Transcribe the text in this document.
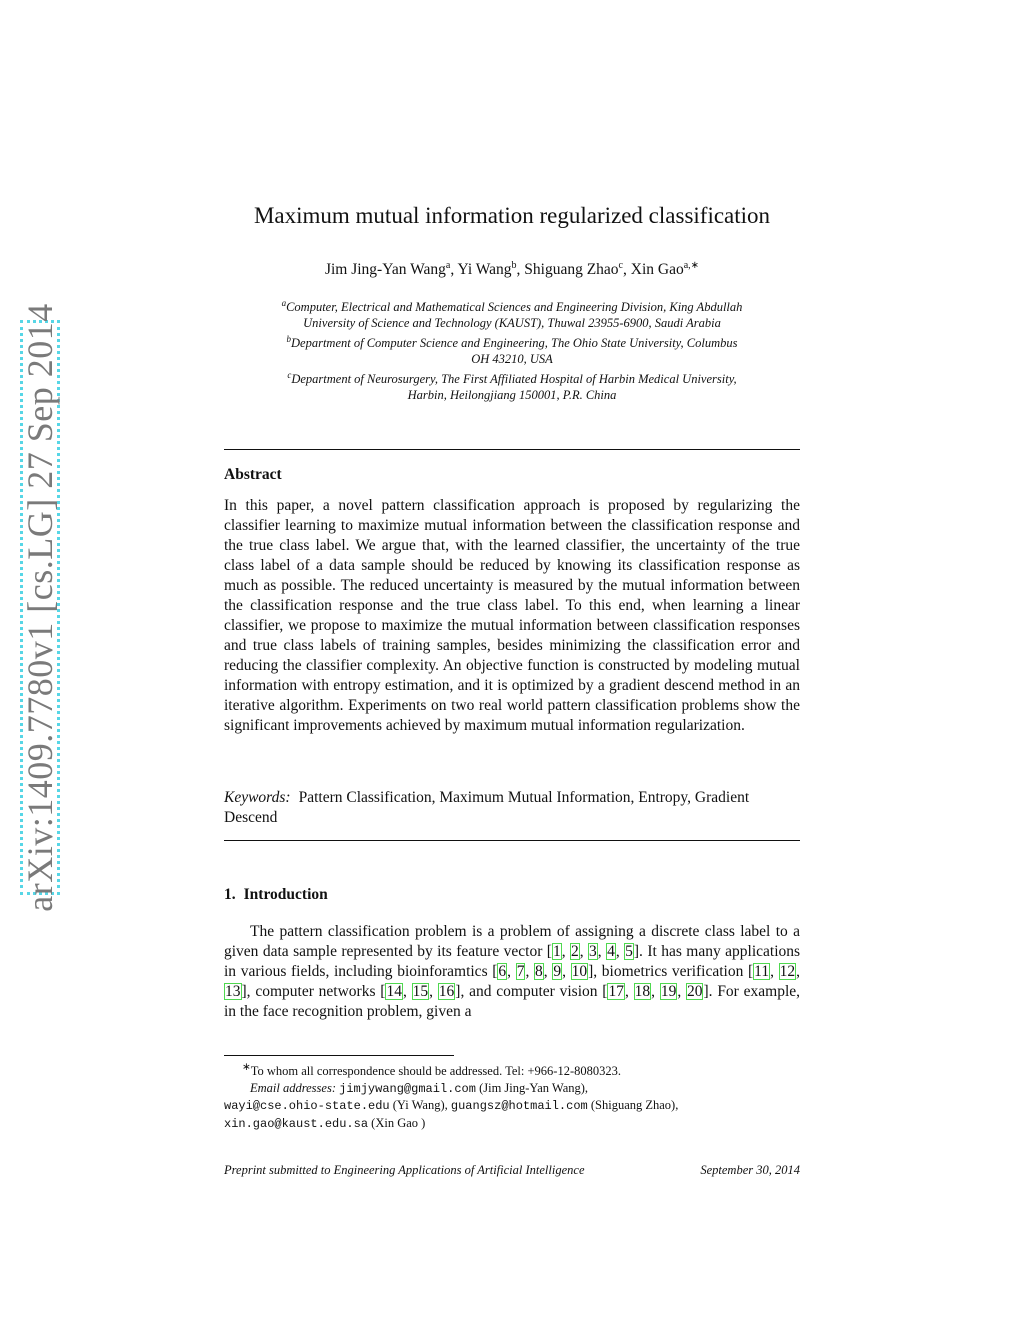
arXiv:1409.7780v1 [cs.LG] 27 Sep 2014
Maximum mutual information regularized classification
Jim Jing-Yan Wang$^a$, Yi Wang$^b$, Shiguang Zhao$^c$, Xin Gao$^{a,∗}$

$^a$Computer, Electrical and Mathematical Sciences and Engineering Division, King Abdullah

University of Science and Technology (KAUST), Thuwal 23955-6900, Saudi Arabia

$^b$Department of Computer Science and Engineering, The Ohio State University, Columbus

OH 43210, USA

$^c$Department of Neurosurgery, The First Affiliated Hospital of Harbin Medical University,

Harbin, Heilongjiang 150001, P.R. China

Abstract

In this paper, a novel pattern classification approach is proposed by regularizing the classifier learning to maximize mutual information between the classification response and the true class label. We argue that, with the learned classifier, the uncertainty of the true class label of a data sample should be reduced by knowing its classification response as much as possible. The reduced uncertainty is measured by the mutual information between the classification response and the true class label. To this end, when learning a linear classifier, we propose to maximize the mutual information between classification responses and true class labels of training samples, besides minimizing the classification error and reducing the classifier complexity. An objective function is constructed by modeling mutual information with entropy estimation, and it is optimized by a gradient descend method in an iterative algorithm. Experiments on two real world pattern classification problems show the significant improvements achieved by maximum mutual information regularization.

Keywords: Pattern Classification, Maximum Mutual Information, Entropy, Gradient Descend

1. Introduction

The pattern classification problem is a problem of assigning a discrete class label to a given data sample represented by its feature vector [1, 2, 3, 4, 5]. It has many applications in various fields, including bioinforamtics [6, 7, 8, 9, 10], biometrics verification [11, 12, 13], computer networks [14, 15, 16], and computer vision [17, 18, 19, 20]. For example, in the face recognition problem, given a

∗To whom all correspondence should be addressed. Tel: +966-12-8080323.

Email addresses: jimjywang@gmail.com (Jim Jing-Yan Wang),
wayi@cse.ohio-state.edu (Yi Wang), guangsz@hotmail.com (Shiguang Zhao),
xin.gao@kaust.edu.sa (Xin Gao )

Preprint submitted to Engineering Applications of Artificial Intelligence	September 30, 2014
